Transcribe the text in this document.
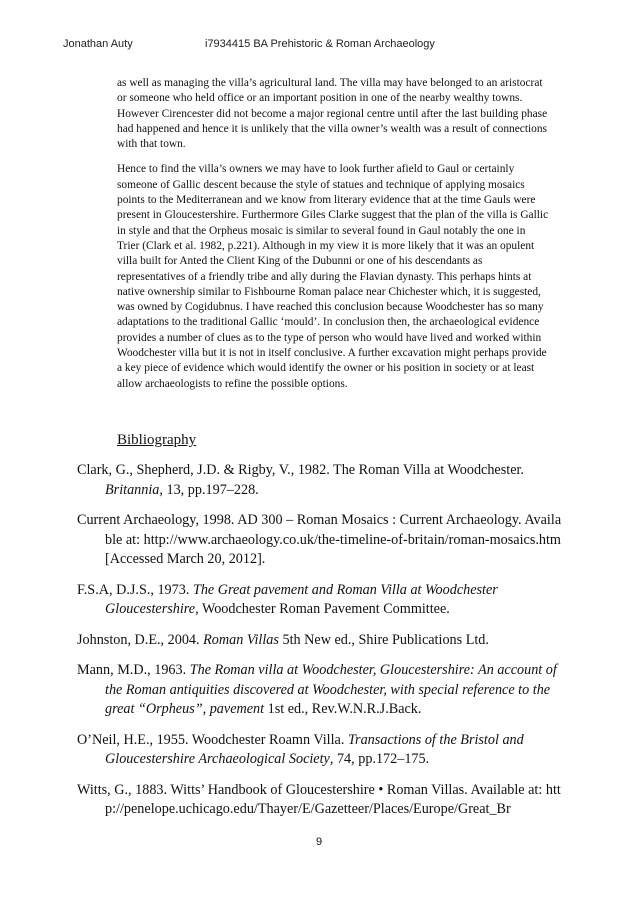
Jonathan Auty	i7934415 BA Prehistoric & Roman Archaeology

as well as managing the villa’s agricultural land. The villa may have belonged to an aristocrat or someone who held office or an important position in one of the nearby wealthy towns. However Cirencester did not become a major regional centre until after the last building phase had happened and hence it is unlikely that the villa owner’s wealth was a result of connections with that town.

Hence to find the villa’s owners we may have to look further afield to Gaul or certainly someone of Gallic descent because the style of statues and technique of applying mosaics points to the Mediterranean and we know from literary evidence that at the time Gauls were present in Gloucestershire. Furthermore Giles Clarke suggest that the plan of the villa is Gallic in style and that the Orpheus mosaic is similar to several found in Gaul notably the one in Trier (Clark et al. 1982, p.221). Although in my view it is more likely that it was an opulent villa built for Anted the Client King of the Dubunni or one of his descendants as representatives of a friendly tribe and ally during the Flavian dynasty. This perhaps hints at native ownership similar to Fishbourne Roman palace near Chichester which, it is suggested, was owned by Cogidubnus. I have reached this conclusion because Woodchester has so many adaptations to the traditional Gallic ‘mould’. In conclusion then, the archaeological evidence provides a number of clues as to the type of person who would have lived and worked within Woodchester villa but it is not in itself conclusive. A further excavation might perhaps provide a key piece of evidence which would identify the owner or his position in society or at least allow archaeologists to refine the possible options.

Bibliography
Clark, G., Shepherd, J.D. & Rigby, V., 1982. The Roman Villa at Woodchester. Britannia, 13, pp.197–228.
Current Archaeology, 1998. AD 300 – Roman Mosaics : Current Archaeology. Available at: http://www.archaeology.co.uk/the-timeline-of-britain/roman-mosaics.htm [Accessed March 20, 2012].
F.S.A, D.J.S., 1973. The Great pavement and Roman Villa at Woodchester Gloucestershire, Woodchester Roman Pavement Committee.
Johnston, D.E., 2004. Roman Villas 5th New ed., Shire Publications Ltd.
Mann, M.D., 1963. The Roman villa at Woodchester, Gloucestershire: An account of the Roman antiquities discovered at Woodchester, with special reference to the great “Orpheus”, pavement 1st ed., Rev.W.N.R.J.Back.
O’Neil, H.E., 1955. Woodchester Roamn Villa. Transactions of the Bristol and Gloucestershire Archaeological Society, 74, pp.172–175.
Witts, G., 1883. Witts’ Handbook of Gloucestershire • Roman Villas. Available at: http://penelope.uchicago.edu/Thayer/E/Gazetteer/Places/Europe/Great_Br
9
